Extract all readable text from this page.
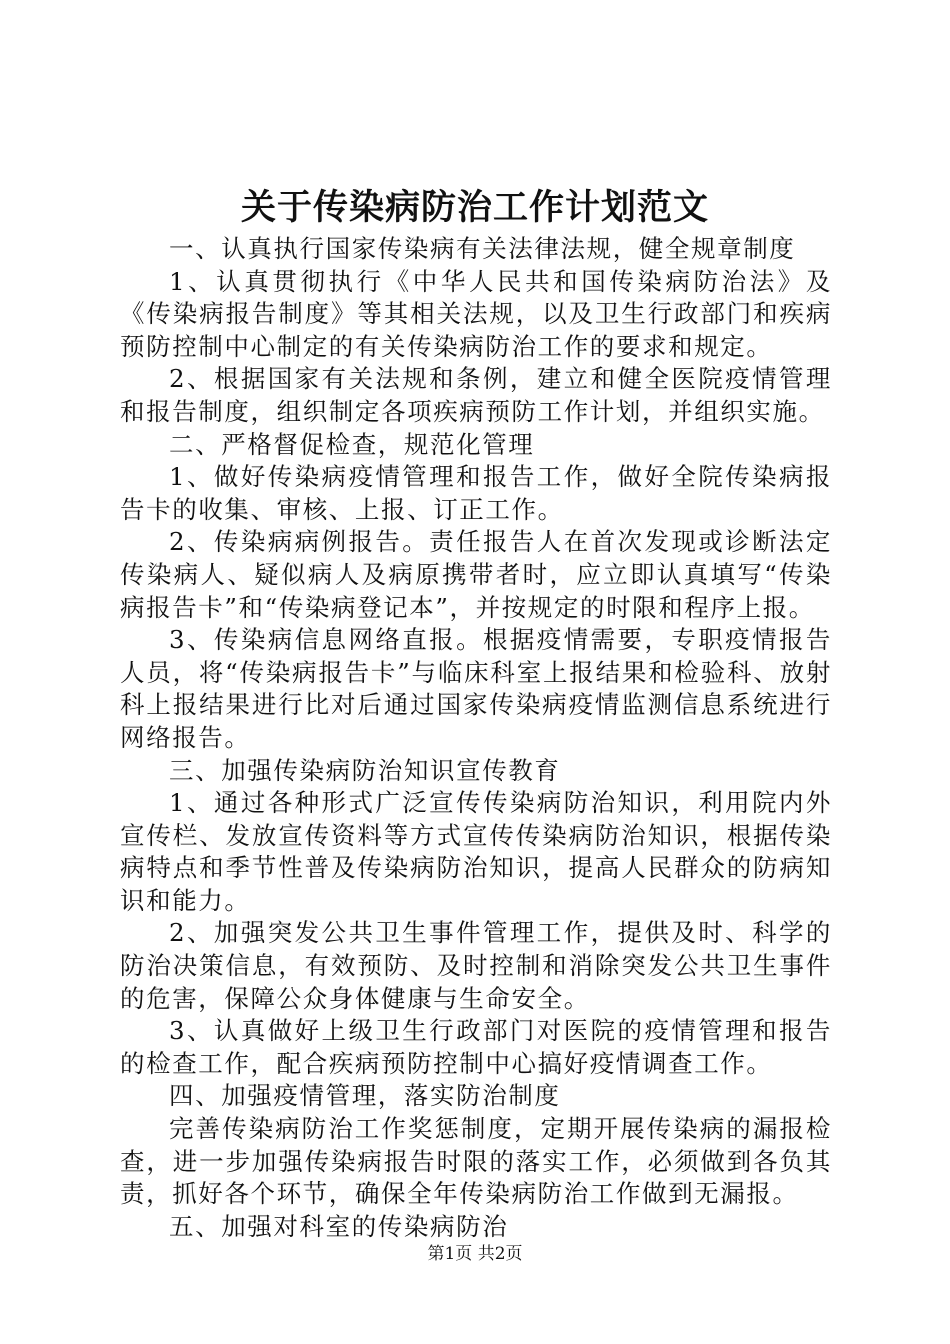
关于传染病防治工作计划范文

一、认真执行国家传染病有关法律法规，健全规章制度

1、认真贯彻执行《中华人民共和国传染病防治法》及《传染病报告制度》等其相关法规，以及卫生行政部门和疾病预防控制中心制定的有关传染病防治工作的要求和规定。

2、根据国家有关法规和条例，建立和健全医院疫情管理和报告制度，组织制定各项疾病预防工作计划，并组织实施。

二、严格督促检查，规范化管理

1、做好传染病疫情管理和报告工作，做好全院传染病报告卡的收集、审核、上报、订正工作。

2、传染病病例报告。责任报告人在首次发现或诊断法定传染病人、疑似病人及病原携带者时，应立即认真填写“传染病报告卡”和“传染病登记本”，并按规定的时限和程序上报。

3、传染病信息网络直报。根据疫情需要，专职疫情报告人员，将“传染病报告卡”与临床科室上报结果和检验科、放射科上报结果进行比对后通过国家传染病疫情监测信息系统进行网络报告。

三、加强传染病防治知识宣传教育

1、通过各种形式广泛宣传传染病防治知识，利用院内外宣传栏、发放宣传资料等方式宣传传染病防治知识，根据传染病特点和季节性普及传染病防治知识，提高人民群众的防病知识和能力。

2、加强突发公共卫生事件管理工作，提供及时、科学的防治决策信息，有效预防、及时控制和消除突发公共卫生事件的危害，保障公众身体健康与生命安全。

3、认真做好上级卫生行政部门对医院的疫情管理和报告的检查工作，配合疾病预防控制中心搞好疫情调查工作。

四、加强疫情管理，落实防治制度

完善传染病防治工作奖惩制度，定期开展传染病的漏报检查，进一步加强传染病报告时限的落实工作，必须做到各负其责，抓好各个环节，确保全年传染病防治工作做到无漏报。

五、加强对科室的传染病防治

第1页 共2页
